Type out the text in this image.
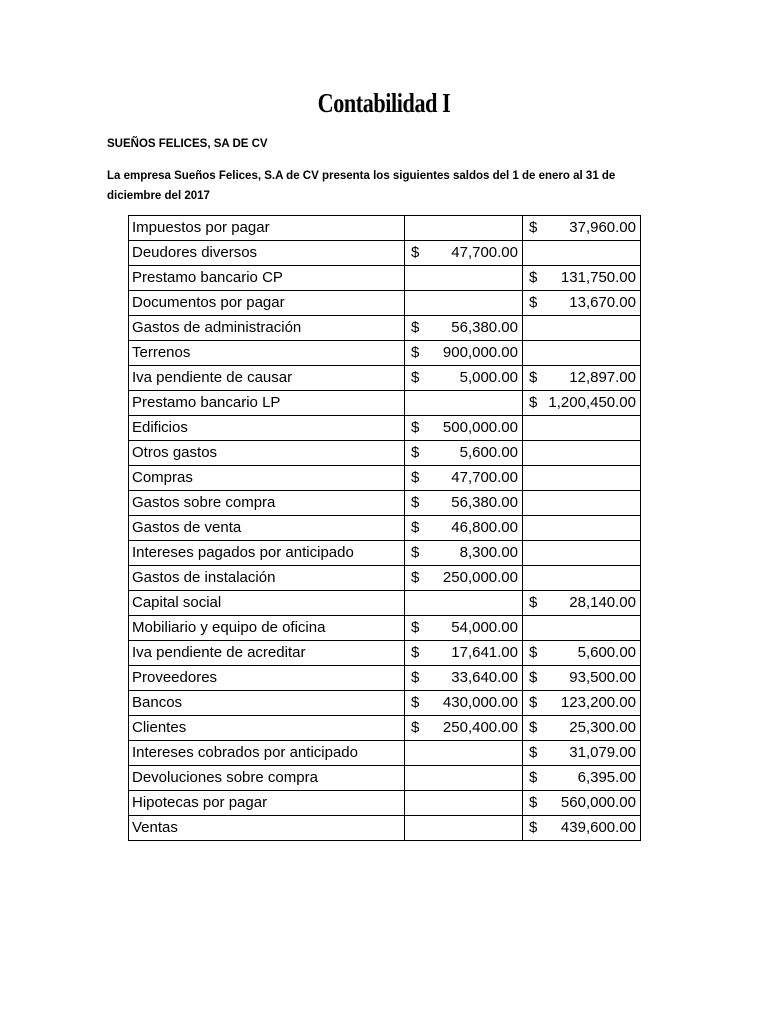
Contabilidad I
SUEÑOS FELICES, SA DE CV
La empresa Sueños Felices, S.A de CV presenta los siguientes saldos del 1 de enero al 31 de diciembre del 2017
Impuestos por pagar		$ 37,960.00

Deudores diversos	$ 47,700.00	

Prestamo bancario CP		$ 131,750.00

Documentos por pagar		$ 13,670.00

Gastos de administración	$ 56,380.00	

Terrenos	$ 900,000.00	

Iva pendiente de causar	$ 5,000.00	$ 12,897.00

Prestamo bancario LP		$ 1,200,450.00

Edificios	$ 500,000.00	

Otros gastos	$ 5,600.00	

Compras	$ 47,700.00	

Gastos sobre compra	$ 56,380.00	

Gastos de venta	$ 46,800.00	

Intereses pagados por anticipado	$ 8,300.00	

Gastos de instalación	$ 250,000.00	

Capital social		$ 28,140.00

Mobiliario y equipo de oficina	$ 54,000.00	

Iva pendiente de acreditar	$ 17,641.00	$ 5,600.00

Proveedores	$ 33,640.00	$ 93,500.00

Bancos	$ 430,000.00	$ 123,200.00

Clientes	$ 250,400.00	$ 25,300.00

Intereses cobrados por anticipado		$ 31,079.00

Devoluciones sobre compra		$ 6,395.00

Hipotecas por pagar		$ 560,000.00

Ventas		$ 439,600.00
